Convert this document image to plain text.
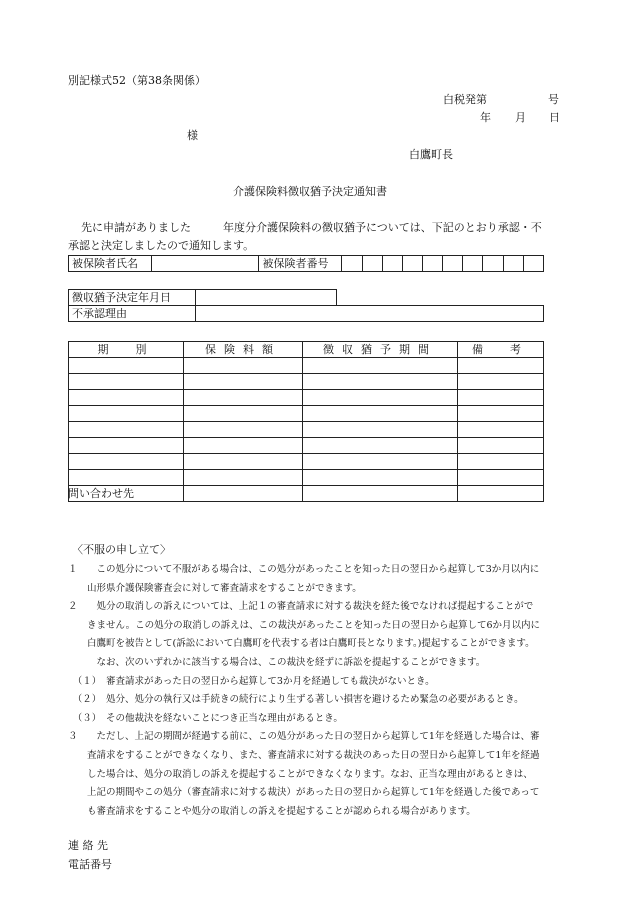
別記様式52（第38条関係）
白税発第	号
年 月 日
様
白鷹町長
介護保険料徴収猶予決定通知書
先に申請がありました	年度分介護保険料の徴収猶予については、下記のとおり承認・不
承認と決定しましたので通知します。
被保険者氏名		被保険者番号										
徴収猶予決定年月日	
不承認理由	
期　別	保険料額	徴収猶予期間	備　考

問い合わせ先
〈不服の申し立て〉
１　　この処分について不服がある場合は、この処分があったことを知った日の翌日から起算して3か月以内に
　　山形県介護保険審査会に対して審査請求をすることができます。
２　　処分の取消しの訴えについては、上記１の審査請求に対する裁決を経た後でなければ提起することがで
　　きません。この処分の取消しの訴えは、この裁決があったことを知った日の翌日から起算して6か月以内に
　　白鷹町を被告として(訴訟において白鷹町を代表する者は白鷹町長となります。)提起することができます。
　　　なお、次のいずれかに該当する場合は、この裁決を経ずに訴訟を提起することができます。
　（１）　審査請求があった日の翌日から起算して3か月を経過しても裁決がないとき。
　（２）　処分、処分の執行又は手続きの続行により生ずる著しい損害を避けるため緊急の必要があるとき。
　（３）　その他裁決を経ないことにつき正当な理由があるとき。
３　　ただし、上記の期間が経過する前に、この処分があった日の翌日から起算して1年を経過した場合は、審
　　査請求をすることができなくなり、また、審査請求に対する裁決のあった日の翌日から起算して1年を経過
　　した場合は、処分の取消しの訴えを提起することができなくなります。なお、正当な理由があるときは、
　　上記の期間やこの処分（審査請求に対する裁決）があった日の翌日から起算して1年を経過した後であって
　　も審査請求をすることや処分の取消しの訴えを提起することが認められる場合があります。
連 絡 先
電話番号
